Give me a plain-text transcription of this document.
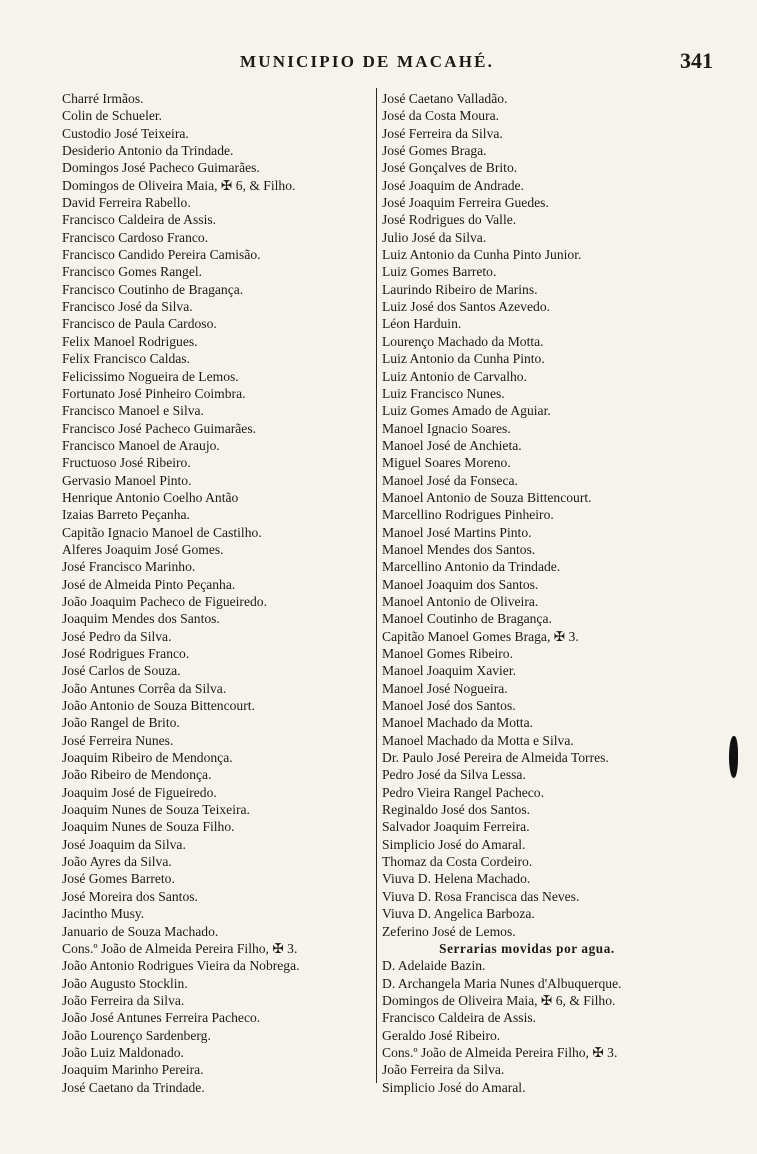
MUNICIPIO DE MACAHÉ.	341
Charré Irmãos.
Colin de Schueler.
Custodio José Teixeira.
Desiderio Antonio da Trindade.
Domingos José Pacheco Guimarães.
Domingos de Oliveira Maia, ✠ 6, & Filho.
David Ferreira Rabello.
Francisco Caldeira de Assis.
Francisco Cardoso Franco.
Francisco Candido Pereira Camisão.
Francisco Gomes Rangel.
Francisco Coutinho de Bragança.
Francisco José da Silva.
Francisco de Paula Cardoso.
Felix Manoel Rodrigues.
Felix Francisco Caldas.
Felicissimo Nogueira de Lemos.
Fortunato José Pinheiro Coimbra.
Francisco Manoel e Silva.
Francisco José Pacheco Guimarães.
Francisco Manoel de Araujo.
Fructuoso José Ribeiro.
Gervasio Manoel Pinto.
Henrique Antonio Coelho Antão
Izaias Barreto Peçanha.
Capitão Ignacio Manoel de Castilho.
Alferes Joaquim José Gomes.
José Francisco Marinho.
José de Almeida Pinto Peçanha.
João Joaquim Pacheco de Figueiredo.
Joaquim Mendes dos Santos.
José Pedro da Silva.
José Rodrigues Franco.
José Carlos de Souza.
João Antunes Corrêa da Silva.
João Antonio de Souza Bittencourt.
João Rangel de Brito.
José Ferreira Nunes.
Joaquim Ribeiro de Mendonça.
João Ribeiro de Mendonça.
Joaquim José de Figueiredo.
Joaquim Nunes de Souza Teixeira.
Joaquim Nunes de Souza Filho.
José Joaquim da Silva.
João Ayres da Silva.
José Gomes Barreto.
José Moreira dos Santos.
Jacintho Musy.
Januario de Souza Machado.
Cons.º João de Almeida Pereira Filho, ✠ 3.
João Antonio Rodrigues Vieira da Nobrega.
João Augusto Stocklin.
João Ferreira da Silva.
João José Antunes Ferreira Pacheco.
João Lourenço Sardenberg.
João Luiz Maldonado.
Joaquim Marinho Pereira.
José Caetano da Trindade.
José Caetano Valladão.
José da Costa Moura.
José Ferreira da Silva.
José Gomes Braga.
José Gonçalves de Brito.
José Joaquim de Andrade.
José Joaquim Ferreira Guedes.
José Rodrigues do Valle.
Julio José da Silva.
Luiz Antonio da Cunha Pinto Junior.
Luiz Gomes Barreto.
Laurindo Ribeiro de Marins.
Luiz José dos Santos Azevedo.
Léon Harduin.
Lourenço Machado da Motta.
Luiz Antonio da Cunha Pinto.
Luiz Antonio de Carvalho.
Luiz Francisco Nunes.
Luiz Gomes Amado de Aguiar.
Manoel Ignacio Soares.
Manoel José de Anchieta.
Miguel Soares Moreno.
Manoel José da Fonseca.
Manoel Antonio de Souza Bittencourt.
Marcellino Rodrigues Pinheiro.
Manoel José Martins Pinto.
Manoel Mendes dos Santos.
Marcellino Antonio da Trindade.
Manoel Joaquim dos Santos.
Manoel Antonio de Oliveira.
Manoel Coutinho de Bragança.
Capitão Manoel Gomes Braga, ✠ 3.
Manoel Gomes Ribeiro.
Manoel Joaquim Xavier.
Manoel José Nogueira.
Manoel José dos Santos.
Manoel Machado da Motta.
Manoel Machado da Motta e Silva.
Dr. Paulo José Pereira de Almeida Torres.
Pedro José da Silva Lessa.
Pedro Vieira Rangel Pacheco.
Reginaldo José dos Santos.
Salvador Joaquim Ferreira.
Simplicio José do Amaral.
Thomaz da Costa Cordeiro.
Viuva D. Helena Machado.
Viuva D. Rosa Francisca das Neves.
Viuva D. Angelica Barboza.
Zeferino José de Lemos.
Serrarias movidas por agua.
D. Adelaide Bazin.
D. Archangela Maria Nunes d'Albuquerque.
Domingos de Oliveira Maia, ✠ 6, & Filho.
Francisco Caldeira de Assis.
Geraldo José Ribeiro.
Cons.º João de Almeida Pereira Filho, ✠ 3.
João Ferreira da Silva.
Simplicio José do Amaral.
